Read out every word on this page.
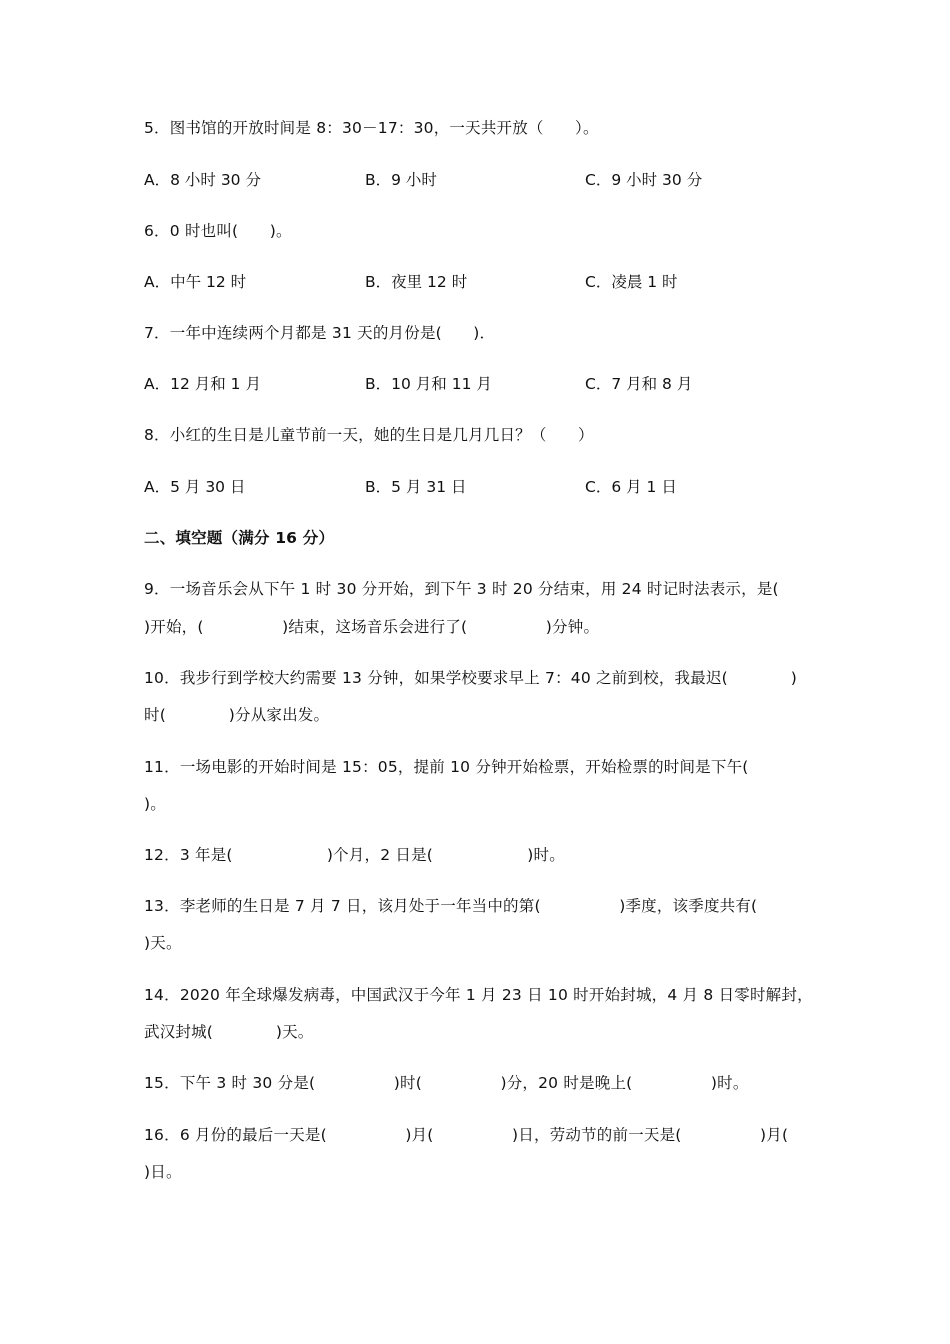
5．图书馆的开放时间是 8：30－17：30，一天共开放（　　）。
A．8 小时 30 分	B．9 小时	C．9 小时 30 分
6．0 时也叫(　　)。
A．中午 12 时	B．夜里 12 时	C．凌晨 1 时
7．一年中连续两个月都是 31 天的月份是(　　)．
A．12 月和 1 月	B．10 月和 11 月	C．7 月和 8 月
8．小红的生日是儿童节前一天，她的生日是几月几日？（　　）
A．5 月 30 日	B．5 月 31 日	C．6 月 1 日
二、填空题（满分 16 分）
9．一场音乐会从下午 1 时 30 分开始，到下午 3 时 20 分结束，用 24 时记时法表示，是(
)开始，(　　　　　)结束，这场音乐会进行了(　　　　　)分钟。
10．我步行到学校大约需要 13 分钟，如果学校要求早上 7：40 之前到校，我最迟(　　　　)
时(　　　　)分从家出发。
11．一场电影的开始时间是 15：05，提前 10 分钟开始检票，开始检票的时间是下午(
)。
12．3 年是(　　　　　　)个月，2 日是(　　　　　　)时。
13．李老师的生日是 7 月 7 日，该月处于一年当中的第(　　　　　)季度，该季度共有(
)天。
14．2020 年全球爆发病毒，中国武汉于今年 1 月 23 日 10 时开始封城，4 月 8 日零时解封，
武汉封城(　　　　)天。
15．下午 3 时 30 分是(　　　　　)时(　　　　　)分，20 时是晚上(　　　　　)时。
16．6 月份的最后一天是(　　　　　)月(　　　　　)日，劳动节的前一天是(　　　　　)月(
)日。
